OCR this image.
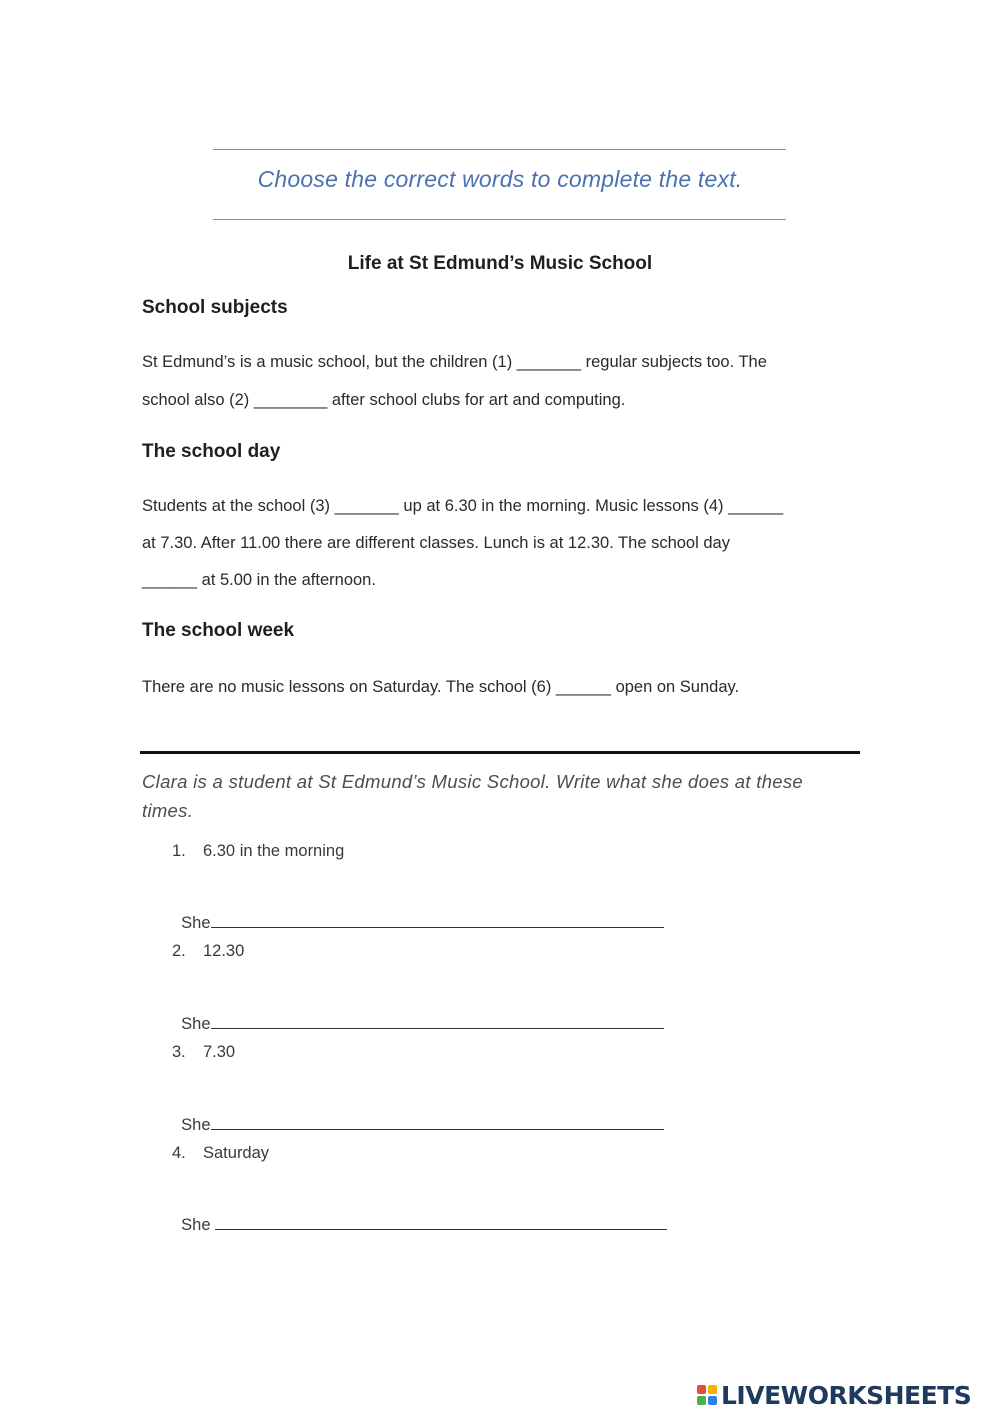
Choose the correct words to complete the text.
Life at St Edmund’s Music School
School subjects
St Edmund’s is a music school, but the children (1) _______ regular subjects too. The
school also (2) ________ after school clubs for art and computing.
The school day
Students at the school (3) _______ up at 6.30 in the morning. Music lessons (4) ______
at 7.30. After 11.00 there are different classes. Lunch is at 12.30. The school day
______ at 5.00 in the afternoon.
The school week
There are no music lessons on Saturday. The school (6) ______ open on Sunday.
Clara is a student at St Edmund’s Music School. Write what she does at these times.
1. 6.30 in the morning

She

2. 12.30

She

3. 7.30

She

4. Saturday

She

LIVEWORKSHEETS
